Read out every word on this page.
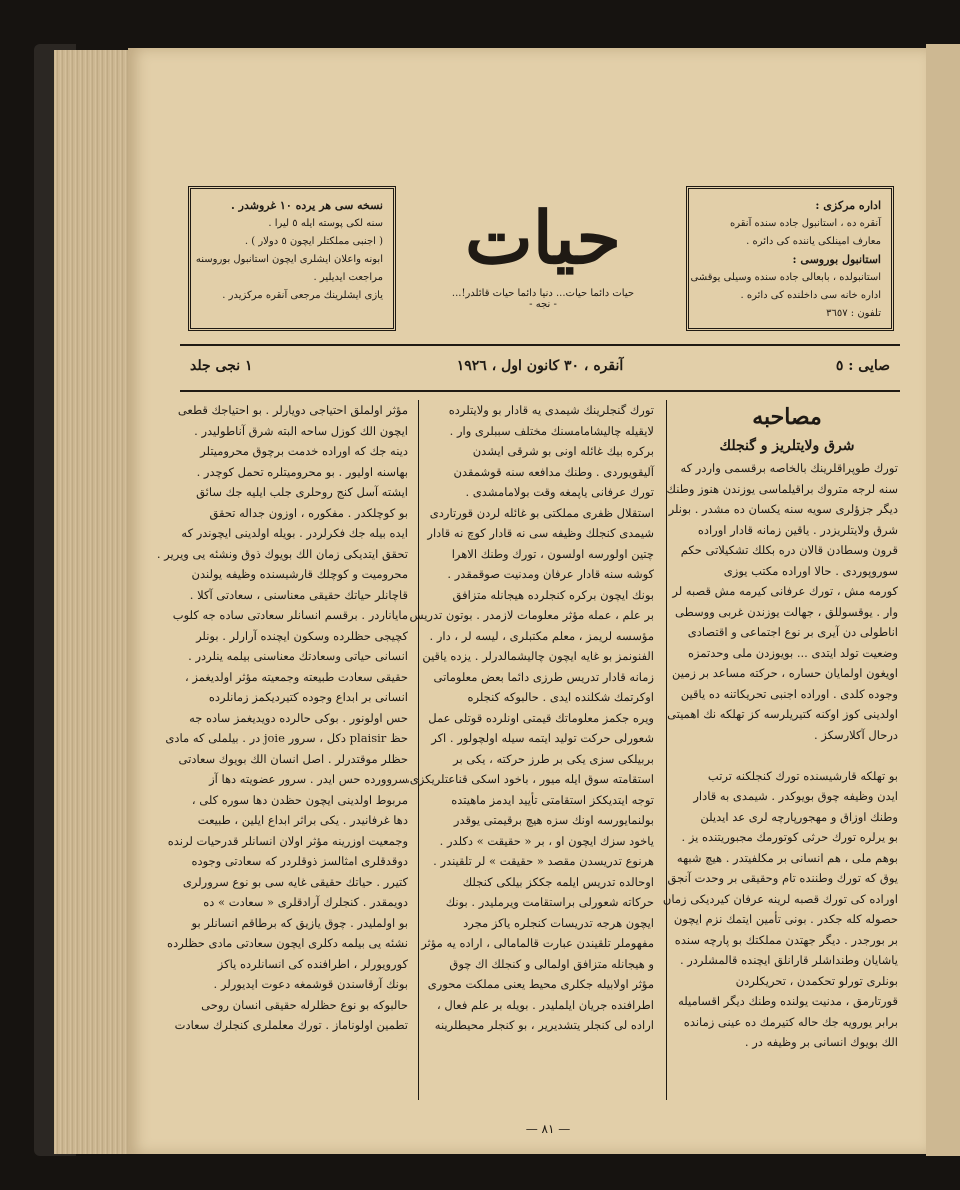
نسخه سی هر يرده ١٠ غروشدر .
سنه لكی پوسته ايله ٥ ليرا .
( اجنبی مملكتلر ايچون ٥ دولار ) .
ابونه واعلان ايشلری ايچون استانبول بوروسنه
مراجعت ايديلير .
يازی ايشلرينك مرجعی آنقره مركزيدر .
حيات
حيات دائما حيات... دنيا دائما حيات قائلدر!...
- نجه -
اداره مركزی :
آنقره ده ، استانبول جاده سنده آنقره
معارف امينلكی ياننده كی دائره .
استانبول بوروسی :
استانبولده ، بابعالی جاده سنده وسيلی يوقشی
اداره خانه سی داخلنده كی دائره .
تلفون : ٣٦٥٧
صايی : ٥
آنقره ، ٣٠ كانون اول ، ١٩٢٦
١ نجی جلد
مصاحبه
شرق ولايتلريز و گنجلك
تورك طوپراقلرينك بالخاصه برقسمی واردر كه
سنه لرجه متروك براقيلماسی يوزندن هنوز وطنك
ديگر جزؤلری سويه سنه يكسان ده مشدر . بونلر
شرق ولايتلريزدر . ياقين زمانه قادار اوراده
قرون وسطادن قالان دره بكلك تشكيلاتی حكم
سوروپوردی . حالا اوراده مكتب يوزی
كورمه مش ، تورك عرفانی كيرمه مش قصبه لر
وار . يوقسوللق ، جهالت يوزندن غربی ووسطی
اناطولی دن آيری بر نوع اجتماعی و اقتصادی
وضعيت تولد ايتدی ... بويوزدن ملی وحدتمزه
اويغون اولمايان حساره ، حركته مساعد بر زمين
وجوده كلدی . اوراده اجنبی تحريكاتنه ده ياقين
اولدينی كوز اوكنه كتيريلرسه كز تهلكه نك اهميتی
درحال آكلارسكز .

بو تهلكه قارشيسنده تورك كنجلكنه ترتب
ايدن وظيفه چوق بويوكدر . شيمدی به قادار
وطنك اوزاق و مهجورپارچه لری عد ايديلن
بو يرلره تورك حرثی كوتورمك مجبوريتنده يز .
بوهم ملی ، هم انسانی بر مكلفيتدر . هيچ شبهه
يوق كه تورك وطننده تام وحقيقی بر وحدت آنجق
اوراده كی تورك قصبه لرينه عرفان كيرديكی زمان
حصوله كله جكدر . بونی تأمين ايتمك نزم ايچون
بر بورجدر . ديگر جهتدن مملكتك بو پارچه سنده
ياشايان وطنداشلر قارانلق ايچنده قالمشلردر .
بونلری تورلو تحكمدن ، تحريكلردن
قورتارمق ، مدنيت يولنده وطنك ديگر اقساميله
برابر يورويه جك حاله كتيرمك ده عينی زمانده
الك بويوك انسانی بر وظيفه در .
تورك گنجلرينك شيمدی يه قادار بو ولايتلرده
لايقيله چاليشامامسنك مختلف سببلری وار .
بركره بيك غائله اونی بو شرقی ايشدن
آليقويوردی . وطنك مدافعه سنه قوشمقدن
تورك عرفانی ياپمغه وقت بولامامشدی .
استقلال ظفری مملكتی بو غائله لردن قورتاردی
شيمدی كنجلك وظيفه سی نه قادار كوچ نه قادار
چتين اولورسه اولسون ، تورك وطنك الاهرا
كوشه سنه قادار عرفان ومدنيت صوقمقدر .
بونك ايچون بركره كنجلرده هيجانله متزافق
بر علم ، عمله مؤثر معلومات لازمدر . بوتون تدريس
مؤسسه لريمز ، معلم مكتبلری ، ليسه لر ، دار .
الفنونمز بو غايه ايچون چاليشمالدرلر . يزده ياقين
زمانه قادار تدريس طرزی دائما بعض معلوماتی
اوكرتمك شكلنده ايدی . حالبوكه كنجلره
ويره جكمز معلوماتك قيمتی اونلرده قوتلی عمل
شعورلی حركت توليد ايتمه سيله اولچولور . اكر
بربيلكی سزی يكی بر طرز حركته ، يكی بر
استقامته سوق ايله ميور ، باخود اسكی قناعتلريكزی،
توجه ايتديككز استقامتی تأييد ايدمز ماهيتده
بولنمايورسه اونك سزه هيچ برقيمتی يوقدر
ياخود سزك ايچون او ، بر « حقيقت » دكلدر .
هرنوع تدريسدن مقصد « حقيقت » لر تلقيندر .
اوحالده تدريس ايلمه جككز بيلكی كنجلك
حركاته شعورلی براستقامت ويرمليدر . بونك
ايچون هرجه تدريسات كنجلره ياكز مجرد
مفهوملر تلقيندن عبارت قالمامالی ، اراده يه مؤثر
و هيجانله متزافق اولمالی و كنجلك اك چوق
مؤثر اولابيله جكلری محيط يعنی مملكت محوری
اطرافنده جريان ايلمليدر . بويله بر علم فعال ،
اراده لی كنجلر يتشديرير ، بو كنجلر محيطلرينه
مؤثر اولملق احتياجی دويارلر . بو احتياجك قطعی
ايچون الك كوزل ساحه البته شرق آناطوليدر .
دينه جك كه اوراده خدمت برچوق محروميتلر
بهاسنه اوليور . بو محروميتلره تحمل كوچدر .
ايشته آسل كنج روحلری جلب ايليه جك سائق
بو كوچلكدر . مفكوره ، اوزون جداله تحقق
ايده بيله جك فكرلردر . بويله اولدينی ايچوندر كه
تحقق ايتديكی زمان الك بويوك ذوق ونشئه يی ويرير .
محروميت و كوچلك قارشيسنده وظيفه يولندن
قاچانلر حياتك حقيقی معناسنی ، سعادتی آكلا .
ماياناردر . برقسم انسانلر سعادتی ساده جه كلوب
كچيجی حظلرده وسكون ايچنده آرارلر . بونلر
انسانی حياتی وسعادتك معناسنی بيلمه ينلردر .
حقيقی سعادت طبيعته وجمعيته مؤثر اولديغمز ،
انسانی بر ابداع وجوده كتيرديكمز زمانلرده
حس اولونور . بوكی حالرده دويديغمز ساده جه
حظ plaisir دكل ، سرور joie در . بيلملی كه مادی
حظلر موقتدرلر . اصل انسان الك بويوك سعادتی
سروورده حس ايدر . سرور عضويته دها آز
مربوط اولدينی ايچون حظدن دها سوره كلی ،
دها غرفانيدر . يكی براثر ابداع ايلين ، طبيعت
وجمعيت اوزرينه مؤثر اولان انسانلر قدرحيات لرنده
دوقدقلری امثالسز ذوقلردر كه سعادتی وجوده
كتيرر . حياتك حقيقی غايه سی بو نوع سرورلری
دويمقدر . كنجلرك آرادقلری « سعادت » ده
بو اولمليدر . چوق يازيق كه برطاقم انسانلر بو
نشئه يی بيلمه دكلری ايچون سعادتی مادی حظلرده
كورويورلر ، اطرافنده كی انسانلرده ياكز
بونك آرقاسندن قوشمغه دعوت ايديورلر .
حالبوكه بو نوع حظلرله حقيقی انسان روحی
تطمين اولوناماز . تورك معلملری كنجلرك سعادت
— ٨١ —
